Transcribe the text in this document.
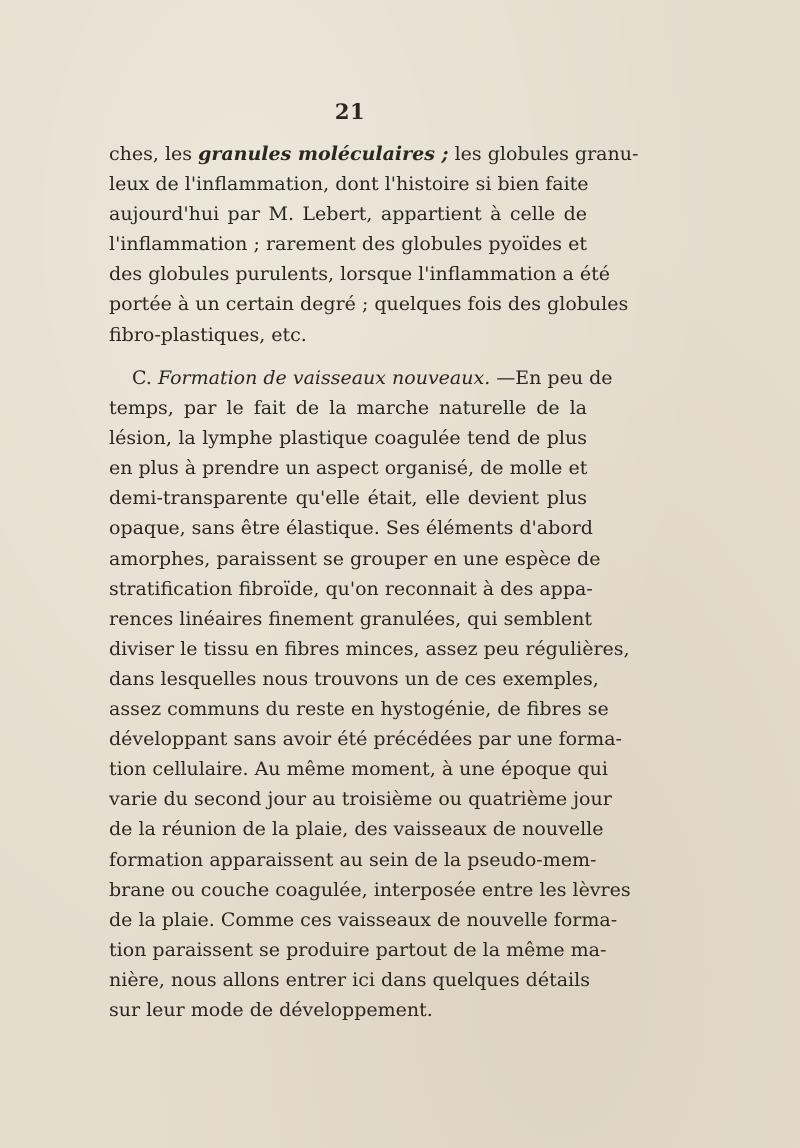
21
ches, les granules moléculaires ; les globules granu-
leux de l'inflammation, dont l'histoire si bien faite
aujourd'hui par M. Lebert, appartient à celle de
l'inflammation ; rarement des globules pyoïdes et
des globules purulents, lorsque l'inflammation a été
portée à un certain degré ; quelques fois des globules
fibro-plastiques, etc.
C. Formation de vaisseaux nouveaux. —En peu de
temps, par le fait de la marche naturelle de la
lésion, la lymphe plastique coagulée tend de plus
en plus à prendre un aspect organisé, de molle et
demi-transparente qu'elle était, elle devient plus
opaque, sans être élastique. Ses éléments d'abord
amorphes, paraissent se grouper en une espèce de
stratification fibroïde, qu'on reconnait à des appa-
rences linéaires finement granulées, qui semblent
diviser le tissu en fibres minces, assez peu régulières,
dans lesquelles nous trouvons un de ces exemples,
assez communs du reste en hystogénie, de fibres se
développant sans avoir été précédées par une forma-
tion cellulaire. Au même moment, à une époque qui
varie du second jour au troisième ou quatrième jour
de la réunion de la plaie, des vaisseaux de nouvelle
formation apparaissent au sein de la pseudo-mem-
brane ou couche coagulée, interposée entre les lèvres
de la plaie. Comme ces vaisseaux de nouvelle forma-
tion paraissent se produire partout de la même ma-
nière, nous allons entrer ici dans quelques détails
sur leur mode de développement.
